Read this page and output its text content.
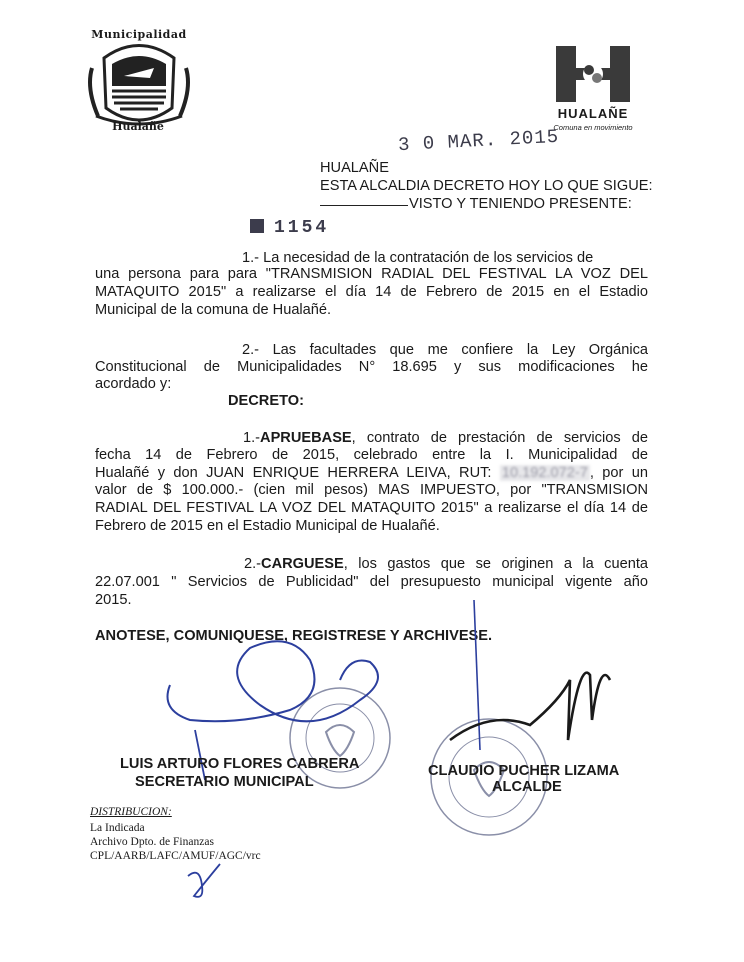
Municipalidad
Hualañé
HUALAÑE
Comuna en movimiento
3 0 MAR. 2015
HUALAÑE
ESTA ALCALDIA DECRETO HOY LO QUE SIGUE:
VISTO Y TENIENDO PRESENTE:
1154
1.- La necesidad de la contratación de los servicios de
una persona para para "TRANSMISION RADIAL DEL FESTIVAL LA VOZ DEL
MATAQUITO 2015" a realizarse el día 14 de Febrero de 2015 en el Estadio
Municipal de la comuna de Hualañé.
2.- Las facultades que me confiere la Ley Orgánica
Constitucional de Municipalidades N° 18.695 y sus modificaciones he
acordado y:
DECRETO:
1.-APRUEBASE, contrato de prestación de servicios de
fecha 14 de Febrero de 2015, celebrado entre la I. Municipalidad de
Hualañé y don JUAN ENRIQUE HERRERA LEIVA, RUT: 10.192.072-7 , por un
valor de $ 100.000.- (cien mil pesos) MAS IMPUESTO, por "TRANSMISION
RADIAL DEL FESTIVAL LA VOZ DEL MATAQUITO 2015" a realizarse el día 14 de
Febrero de 2015 en el Estadio Municipal de Hualañé.
2.-CARGUESE, los gastos que se originen a la cuenta
22.07.001 " Servicios de Publicidad" del presupuesto municipal vigente año
2015.
ANOTESE, COMUNIQUESE, REGISTRESE Y ARCHIVESE.
LUIS ARTURO FLORES CABRERA
SECRETARIO MUNICIPAL
CLAUDIO PUCHER LIZAMA
ALCALDE
DISTRIBUCION:
La Indicada
Archivo Dpto. de Finanzas
CPL/AARB/LAFC/AMUF/AGC/vrc
